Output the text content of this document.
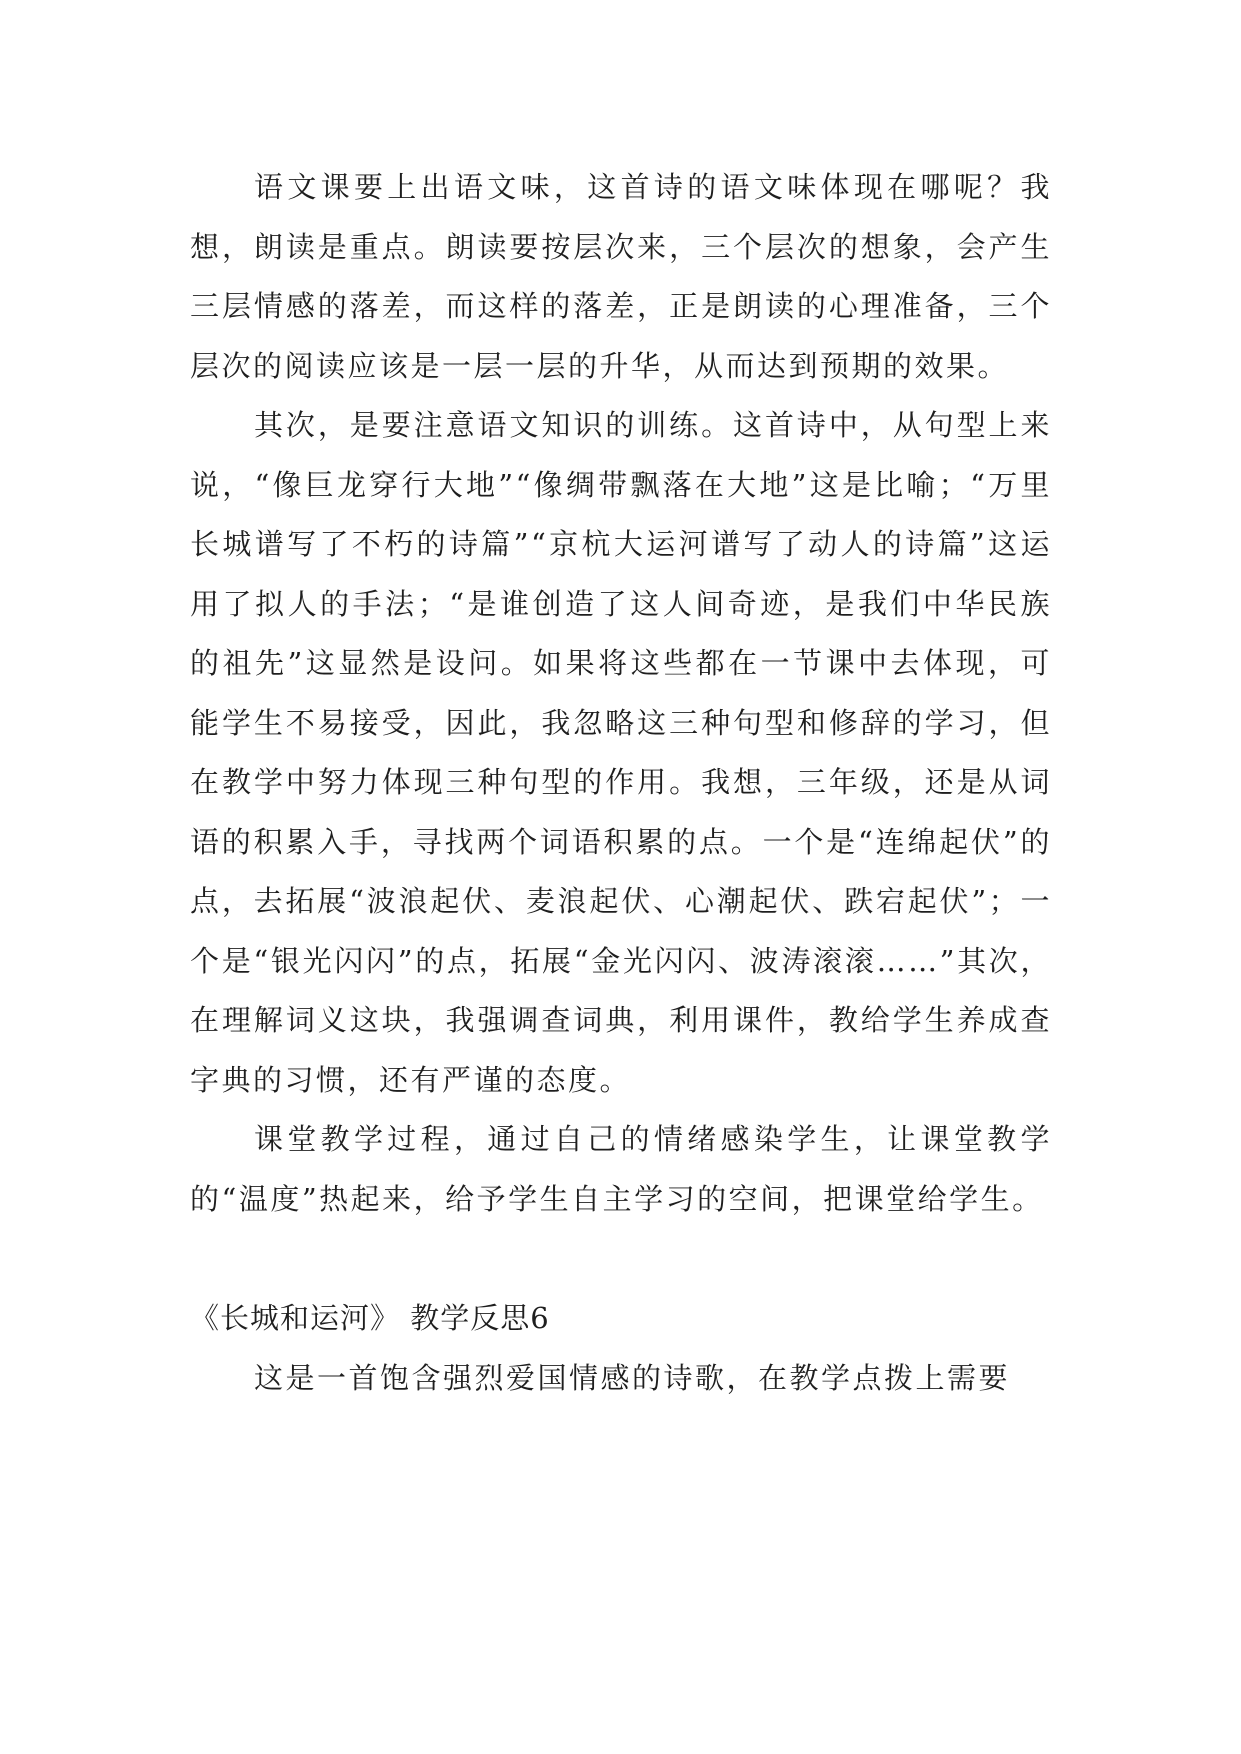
语文课要上出语文味，这首诗的语文味体现在哪呢？我想，朗读是重点。朗读要按层次来，三个层次的想象，会产生三层情感的落差，而这样的落差，正是朗读的心理准备，三个层次的阅读应该是一层一层的升华，从而达到预期的效果。

其次，是要注意语文知识的训练。这首诗中，从句型上来说，“像巨龙穿行大地”“像绸带飘落在大地”这是比喻；“万里长城谱写了不朽的诗篇”“京杭大运河谱写了动人的诗篇”这运用了拟人的手法；“是谁创造了这人间奇迹，是我们中华民族的祖先”这显然是设问。如果将这些都在一节课中去体现，可能学生不易接受，因此，我忽略这三种句型和修辞的学习，但在教学中努力体现三种句型的作用。我想，三年级，还是从词语的积累入手，寻找两个词语积累的点。一个是“连绵起伏”的点，去拓展“波浪起伏、麦浪起伏、心潮起伏、跌宕起伏”；一个是“银光闪闪”的点，拓展“金光闪闪、波涛滚滚……”其次，在理解词义这块，我强调查词典，利用课件，教给学生养成查字典的习惯，还有严谨的态度。

课堂教学过程，通过自己的情绪感染学生，让课堂教学的“温度”热起来，给予学生自主学习的空间，把课堂给学生。

《长城和运河》 教学反思6

这是一首饱含强烈爱国情感的诗歌，在教学点拨上需要
